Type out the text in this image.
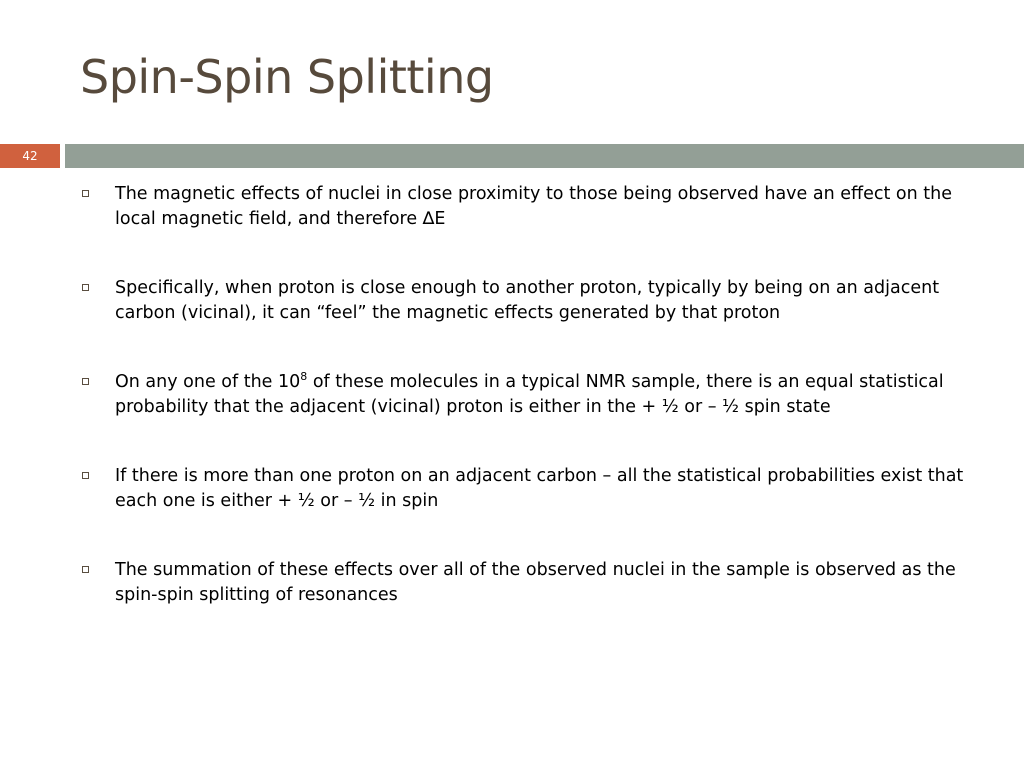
Spin-Spin Splitting
42
The magnetic effects of nuclei in close proximity to those being observed have an effect on the local magnetic field, and therefore ∆E
Specifically, when proton is close enough to another proton, typically by being on an adjacent carbon (vicinal), it can “feel” the magnetic effects generated by that proton
On any one of the $10^8$ of these molecules in a typical NMR sample, there is an equal statistical probability that the adjacent (vicinal) proton is either in the + ½ or – ½ spin state
If there is more than one proton on an adjacent carbon – all the statistical probabilities exist that each one is either + ½ or – ½ in spin
The summation of these effects over all of the observed nuclei in the sample is observed as the spin-spin splitting of resonances
